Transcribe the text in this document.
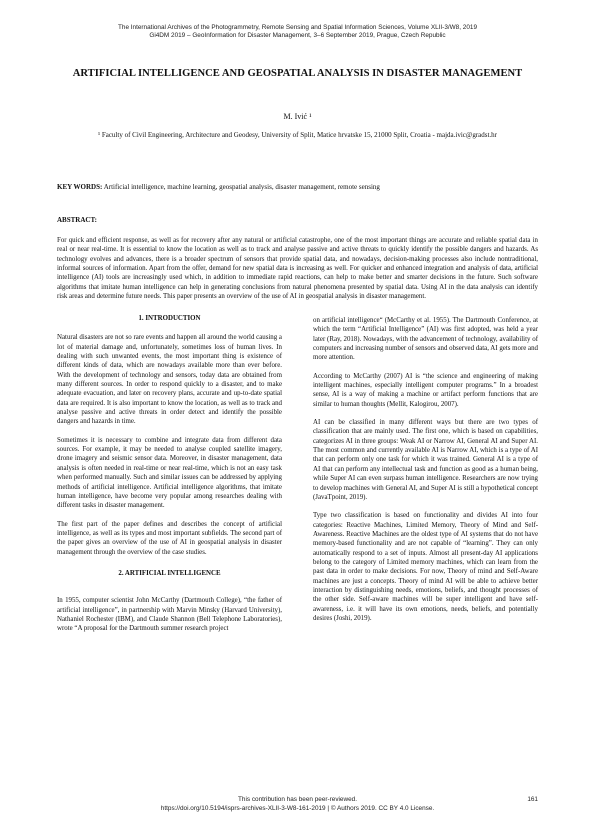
The International Archives of the Photogrammetry, Remote Sensing and Spatial Information Sciences, Volume XLII-3/W8, 2019
Gi4DM 2019 – GeoInformation for Disaster Management, 3–6 September 2019, Prague, Czech Republic
ARTIFICIAL INTELLIGENCE AND GEOSPATIAL ANALYSIS IN DISASTER MANAGEMENT
M. Ivić ¹
¹ Faculty of Civil Engineering, Architecture and Geodesy, University of Split, Matice hrvatske 15, 21000 Split, Croatia - majda.ivic@gradst.hr
KEY WORDS: Artificial intelligence, machine learning, geospatial analysis, disaster management, remote sensing
ABSTRACT:
For quick and efficient response, as well as for recovery after any natural or artificial catastrophe, one of the most important things are accurate and reliable spatial data in real or near real-time. It is essential to know the location as well as to track and analyse passive and active threats to quickly identify the possible dangers and hazards. As technology evolves and advances, there is a broader spectrum of sensors that provide spatial data, and nowadays, decision-making processes also include nontraditional, informal sources of information. Apart from the offer, demand for new spatial data is increasing as well. For quicker and enhanced integration and analysis of data, artificial intelligence (AI) tools are increasingly used which, in addition to immediate rapid reactions, can help to make better and smarter decisions in the future. Such software algorithms that imitate human intelligence can help in generating conclusions from natural phenomena presented by spatial data. Using AI in the data analysis can identify risk areas and determine future needs. This paper presents an overview of the use of AI in geospatial analysis in disaster management.
1. INTRODUCTION

Natural disasters are not so rare events and happen all around the world causing a lot of material damage and, unfortunately, sometimes loss of human lives. In dealing with such unwanted events, the most important thing is existence of different kinds of data, which are nowadays available more than ever before. With the development of technology and sensors, today data are obtained from many different sources. In order to respond quickly to a disaster, and to make adequate evacuation, and later on recovery plans, accurate and up-to-date spatial data are required. It is also important to know the location, as well as to track and analyse passive and active threats in order detect and identify the possible dangers and hazards in time.

Sometimes it is necessary to combine and integrate data from different data sources. For example, it may be needed to analyse coupled satellite imagery, drone imagery and seismic sensor data. Moreover, in disaster management, data analysis is often needed in real-time or near real-time, which is not an easy task when performed manually. Such and similar issues can be addressed by applying methods of artificial intelligence. Artificial intelligence algorithms, that imitate human intelligence, have become very popular among researches dealing with different tasks in disaster management.

The first part of the paper defines and describes the concept of artificial intelligence, as well as its types and most important subfields. The second part of the paper gives an overview of the use of AI in geospatial analysis in disaster management through the overview of the case studies.

2. ARTIFICIAL INTELLIGENCE

In 1955, computer scientist John McCarthy (Dartmouth College), “the father of artificial intelligence”, in partnership with Marvin Minsky (Harvard University), Nathaniel Rochester (IBM), and Claude Shannon (Bell Telephone Laboratories), wrote “A proposal for the Dartmouth summer research project

on artificial intelligence“ (McCarthy et al. 1955). The Dartmouth Conference, at which the term “Artificial Intelligence” (AI) was first adopted, was held a year later (Ray, 2018). Nowadays, with the advancement of technology, availability of computers and increasing number of sensors and observed data, AI gets more and more attention.

According to McCarthy (2007) AI is “the science and engineering of making intelligent machines, especially intelligent computer programs.” In a broadest sense, AI is a way of making a machine or artifact perform functions that are similar to human thoughts (Mellit, Kalogirou, 2007).

AI can be classified in many different ways but there are two types of classification that are mainly used. The first one, which is based on capabilities, categorizes AI in three groups: Weak AI or Narrow AI, General AI and Super AI. The most common and currently available AI is Narrow AI, which is a type of AI that can perform only one task for which it was trained. General AI is a type of AI that can perform any intellectual task and function as good as a human being, while Super AI can even surpass human intelligence. Researchers are now trying to develop machines with General AI, and Super AI is still a hypothetical concept (JavaTpoint, 2019).

Type two classification is based on functionality and divides AI into four categories: Reactive Machines, Limited Memory, Theory of Mind and Self-Awareness. Reactive Machines are the oldest type of AI systems that do not have memory-based functionality and are not capable of “learning”. They can only automatically respond to a set of inputs. Almost all present-day AI applications belong to the category of Limited memory machines, which can learn from the past data in order to make decisions. For now, Theory of mind and Self-Aware machines are just a concepts. Theory of mind AI will be able to achieve better interaction by distinguishing needs, emotions, beliefs, and thought processes of the other side. Self-aware machines will be super intelligent and have self-awareness, i.e. it will have its own emotions, needs, beliefs, and potentially desires (Joshi, 2019).

This contribution has been peer-reviewed.
https://doi.org/10.5194/isprs-archives-XLII-3-W8-161-2019 | © Authors 2019. CC BY 4.0 License.
161
